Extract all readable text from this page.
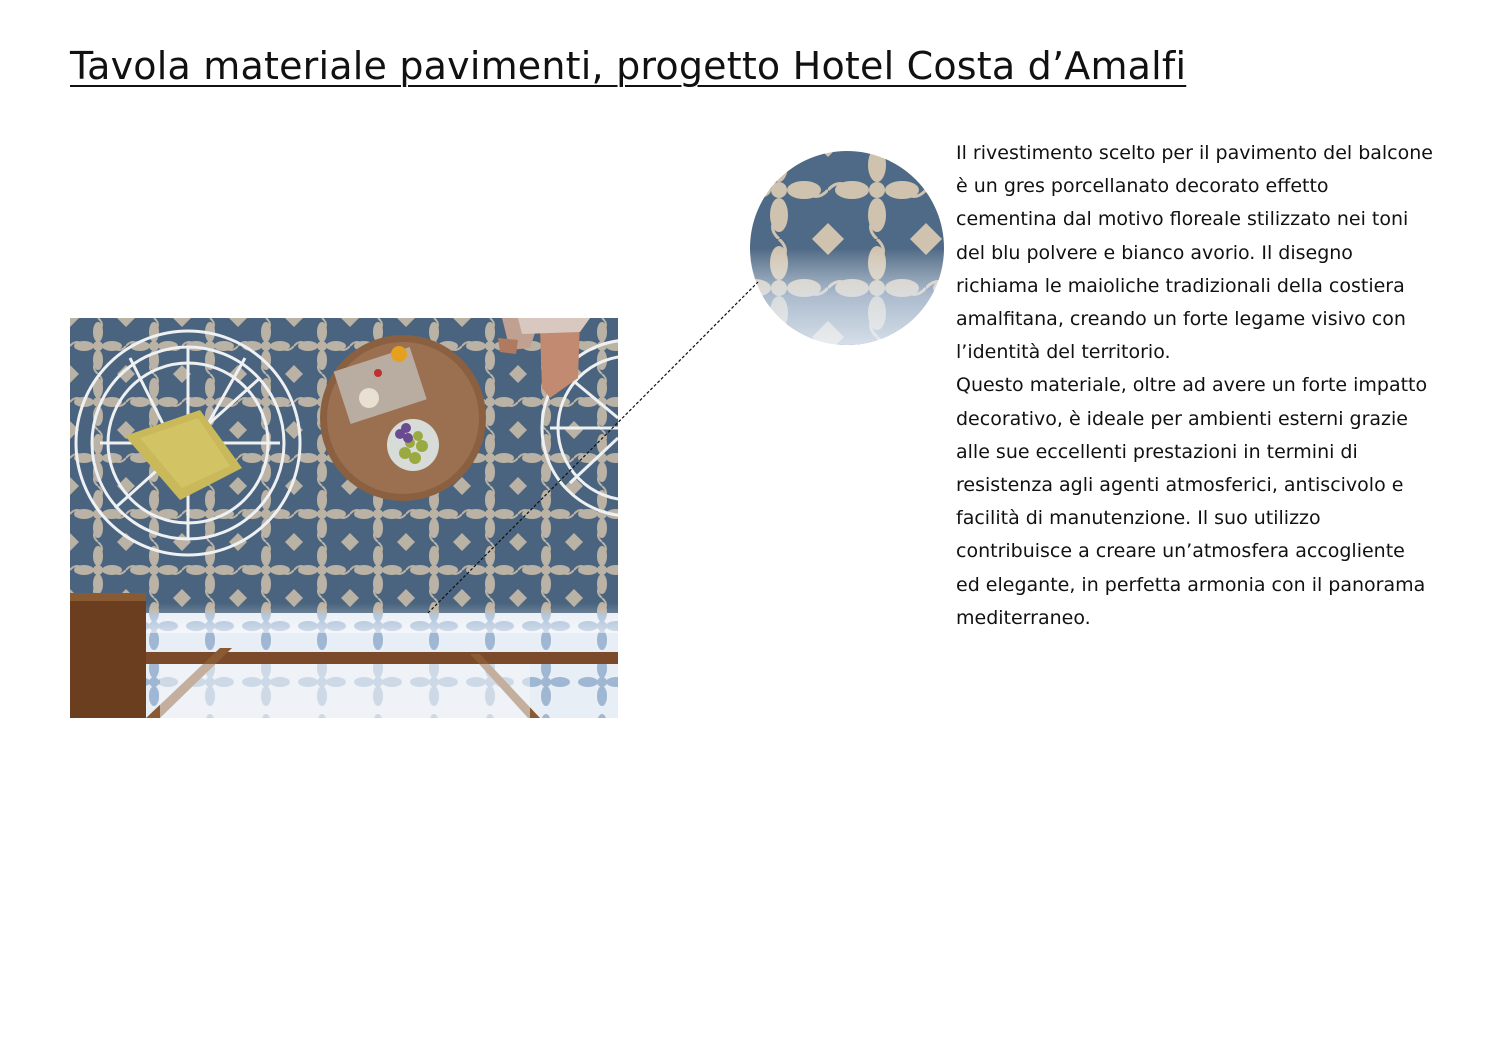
Tavola materiale pavimenti, progetto Hotel Costa d’Amalfi

Il rivestimento scelto per il pavimento del balcone è un gres porcellanato decorato effetto cementina dal motivo floreale stilizzato nei toni del blu polvere e bianco avorio. Il disegno richiama le maioliche tradizionali della costiera amalfitana, creando un forte legame visivo con l’identità del territorio.

Questo materiale, oltre ad avere un forte impatto decorativo, è ideale per ambienti esterni grazie alle sue eccellenti prestazioni in termini di resistenza agli agenti atmosferici, antiscivolo e facilità di manutenzione. Il suo utilizzo contribuisce a creare un’atmosfera accogliente ed elegante, in perfetta armonia con il panorama mediterraneo.
